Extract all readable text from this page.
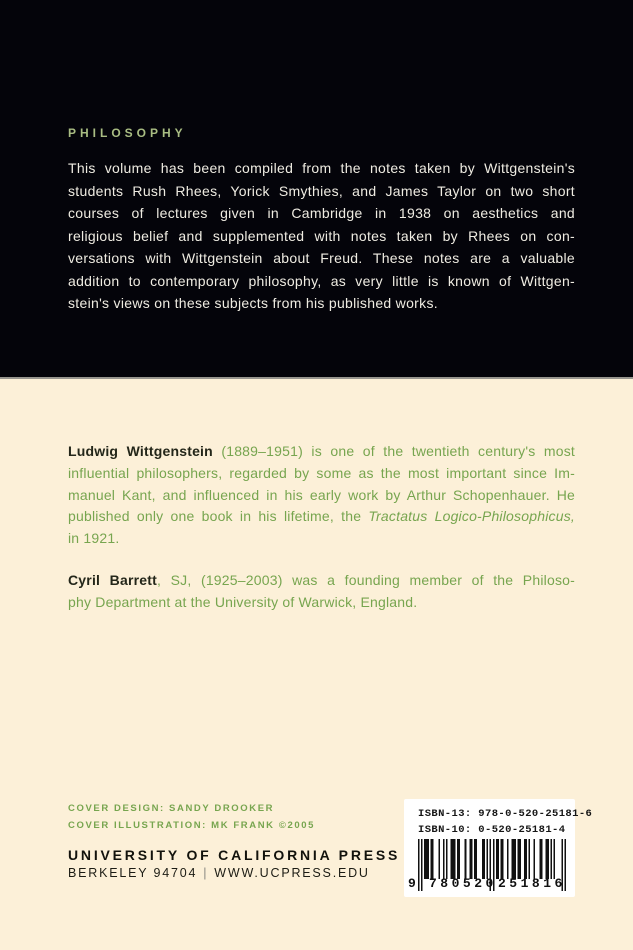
PHILOSOPHY
This volume has been compiled from the notes taken by Wittgenstein's
students Rush Rhees, Yorick Smythies, and James Taylor on two short
courses of lectures given in Cambridge in 1938 on aesthetics and
religious belief and supplemented with notes taken by Rhees on con-
versations with Wittgenstein about Freud. These notes are a valuable
addition to contemporary philosophy, as very little is known of Wittgen-
stein's views on these subjects from his published works.
Ludwig Wittgenstein (1889–1951) is one of the twentieth century's most
influential philosophers, regarded by some as the most important since Im-
manuel Kant, and influenced in his early work by Arthur Schopenhauer. He
published only one book in his lifetime, the Tractatus Logico-Philosophicus,
in 1921.
Cyril Barrett, SJ, (1925–2003) was a founding member of the Philoso-
phy Department at the University of Warwick, England.
COVER DESIGN: SANDY DROOKER
COVER ILLUSTRATION: MK FRANK ©2005
UNIVERSITY OF CALIFORNIA PRESS
BERKELEY 94704 | WWW.UCPRESS.EDU
ISBN-13: 978-0-520-25181-6
ISBN-10: 0-520-25181-4
9 780520 251816
